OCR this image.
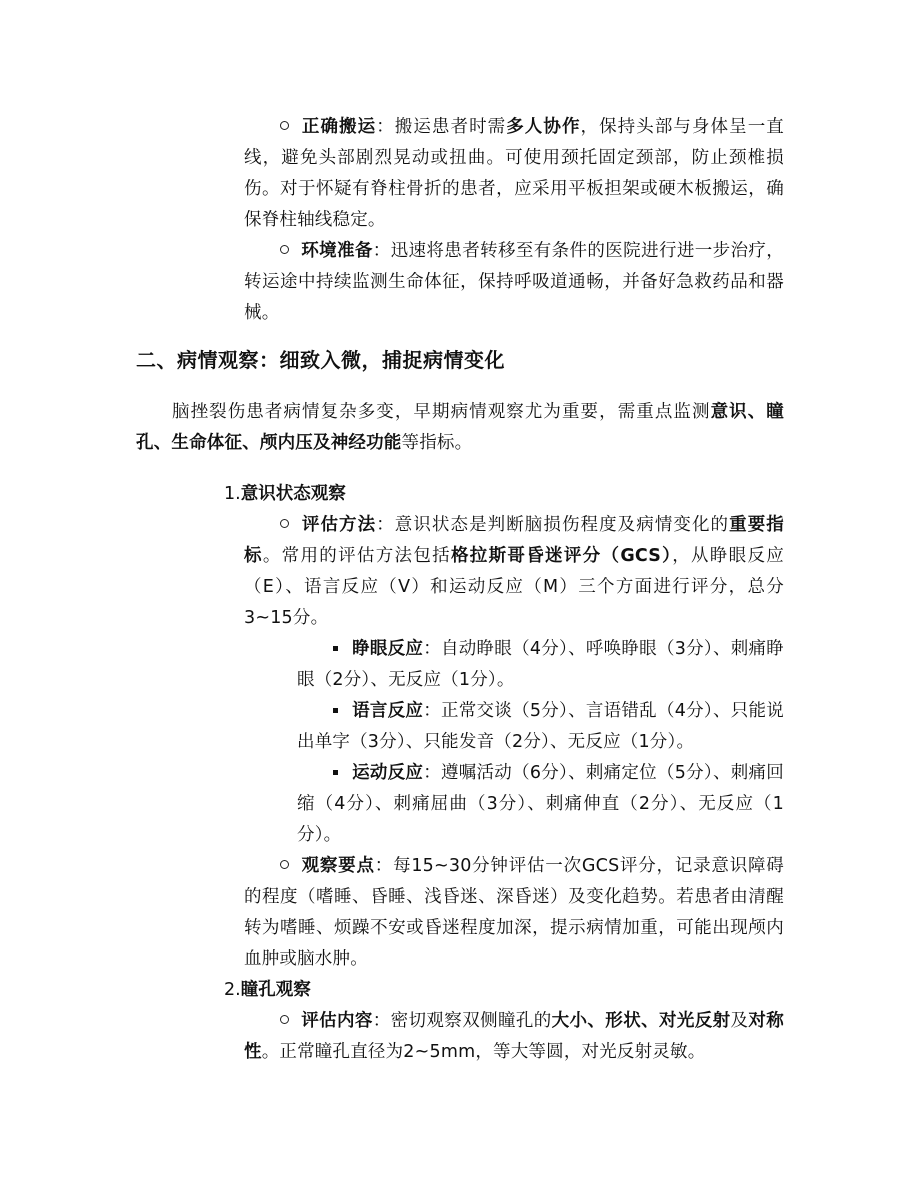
正确搬运：搬运患者时需多人协作，保持头部与身体呈一直线，避免头部剧烈晃动或扭曲。可使用颈托固定颈部，防止颈椎损伤。对于怀疑有脊柱骨折的患者，应采用平板担架或硬木板搬运，确保脊柱轴线稳定。

环境准备：迅速将患者转移至有条件的医院进行进一步治疗，转运途中持续监测生命体征，保持呼吸道通畅，并备好急救药品和器械。

二、病情观察：细致入微，捕捉病情变化

脑挫裂伤患者病情复杂多变，早期病情观察尤为重要，需重点监测意识、瞳孔、生命体征、颅内压及神经功能等指标。

1.意识状态观察

评估方法：意识状态是判断脑损伤程度及病情变化的重要指标。常用的评估方法包括格拉斯哥昏迷评分（GCS），从睁眼反应（E）、语言反应（V）和运动反应（M）三个方面进行评分，总分3~15分。

睁眼反应：自动睁眼（4分）、呼唤睁眼（3分）、刺痛睁眼（2分）、无反应（1分）。

语言反应：正常交谈（5分）、言语错乱（4分）、只能说出单字（3分）、只能发音（2分）、无反应（1分）。

运动反应：遵嘱活动（6分）、刺痛定位（5分）、刺痛回缩（4分）、刺痛屈曲（3分）、刺痛伸直（2分）、无反应（1分）。

观察要点：每15~30分钟评估一次GCS评分，记录意识障碍的程度（嗜睡、昏睡、浅昏迷、深昏迷）及变化趋势。若患者由清醒转为嗜睡、烦躁不安或昏迷程度加深，提示病情加重，可能出现颅内血肿或脑水肿。

2.瞳孔观察

评估内容：密切观察双侧瞳孔的大小、形状、对光反射及对称性。正常瞳孔直径为2~5mm，等大等圆，对光反射灵敏。
